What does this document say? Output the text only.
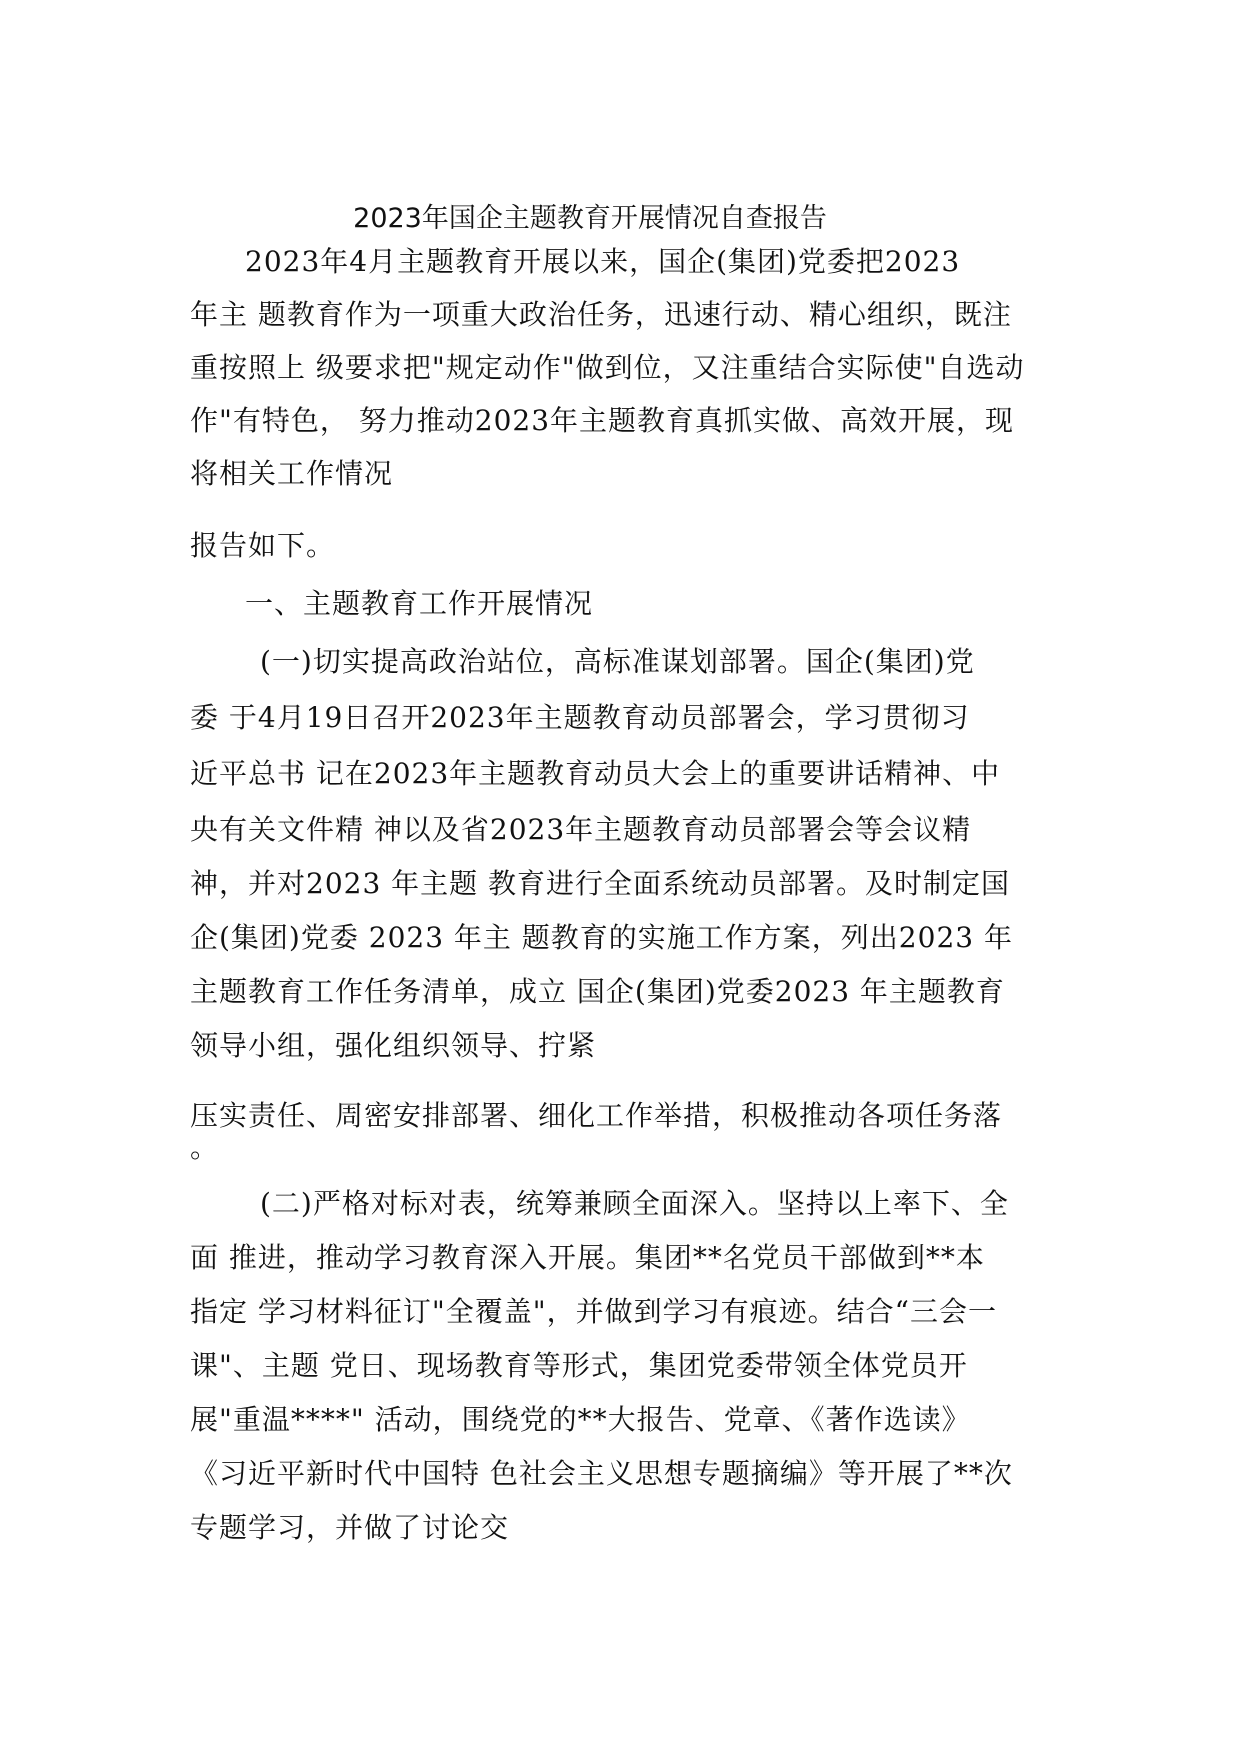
2023年国企主题教育开展情况自查报告
2023年4月主题教育开展以来，国企(集团)党委把2023
年主 题教育作为一项重大政治任务，迅速行动、精心组织，既注
重按照上 级要求把"规定动作"做到位，又注重结合实际使"自选动
作"有特色， 努力推动2023年主题教育真抓实做、高效开展，现
将相关工作情况
报告如下。
一、主题教育工作开展情况
(一)切实提高政治站位，高标准谋划部署。国企(集团)党
委 于4月19日召开2023年主题教育动员部署会，学习贯彻习
近平总书 记在2023年主题教育动员大会上的重要讲话精神、中
央有关文件精 神以及省2023年主题教育动员部署会等会议精
神，并对2023 年主题 教育进行全面系统动员部署。及时制定国
企(集团)党委 2023 年主 题教育的实施工作方案，列出2023 年
主题教育工作任务清单，成立 国企(集团)党委2023 年主题教育
领导小组，强化组织领导、拧紧
压实责任、周密安排部署、细化工作举措，积极推动各项任务落
。
(二)严格对标对表，统筹兼顾全面深入。坚持以上率下、全
面 推进，推动学习教育深入开展。集团**名党员干部做到**本
指定 学习材料征订"全覆盖"，并做到学习有痕迹。结合“三会一
课"、主题 党日、现场教育等形式，集团党委带领全体党员开
展"重温****" 活动，围绕党的**大报告、党章、《著作选读》
《习近平新时代中国特 色社会主义思想专题摘编》等开展了**次
专题学习，并做了讨论交
